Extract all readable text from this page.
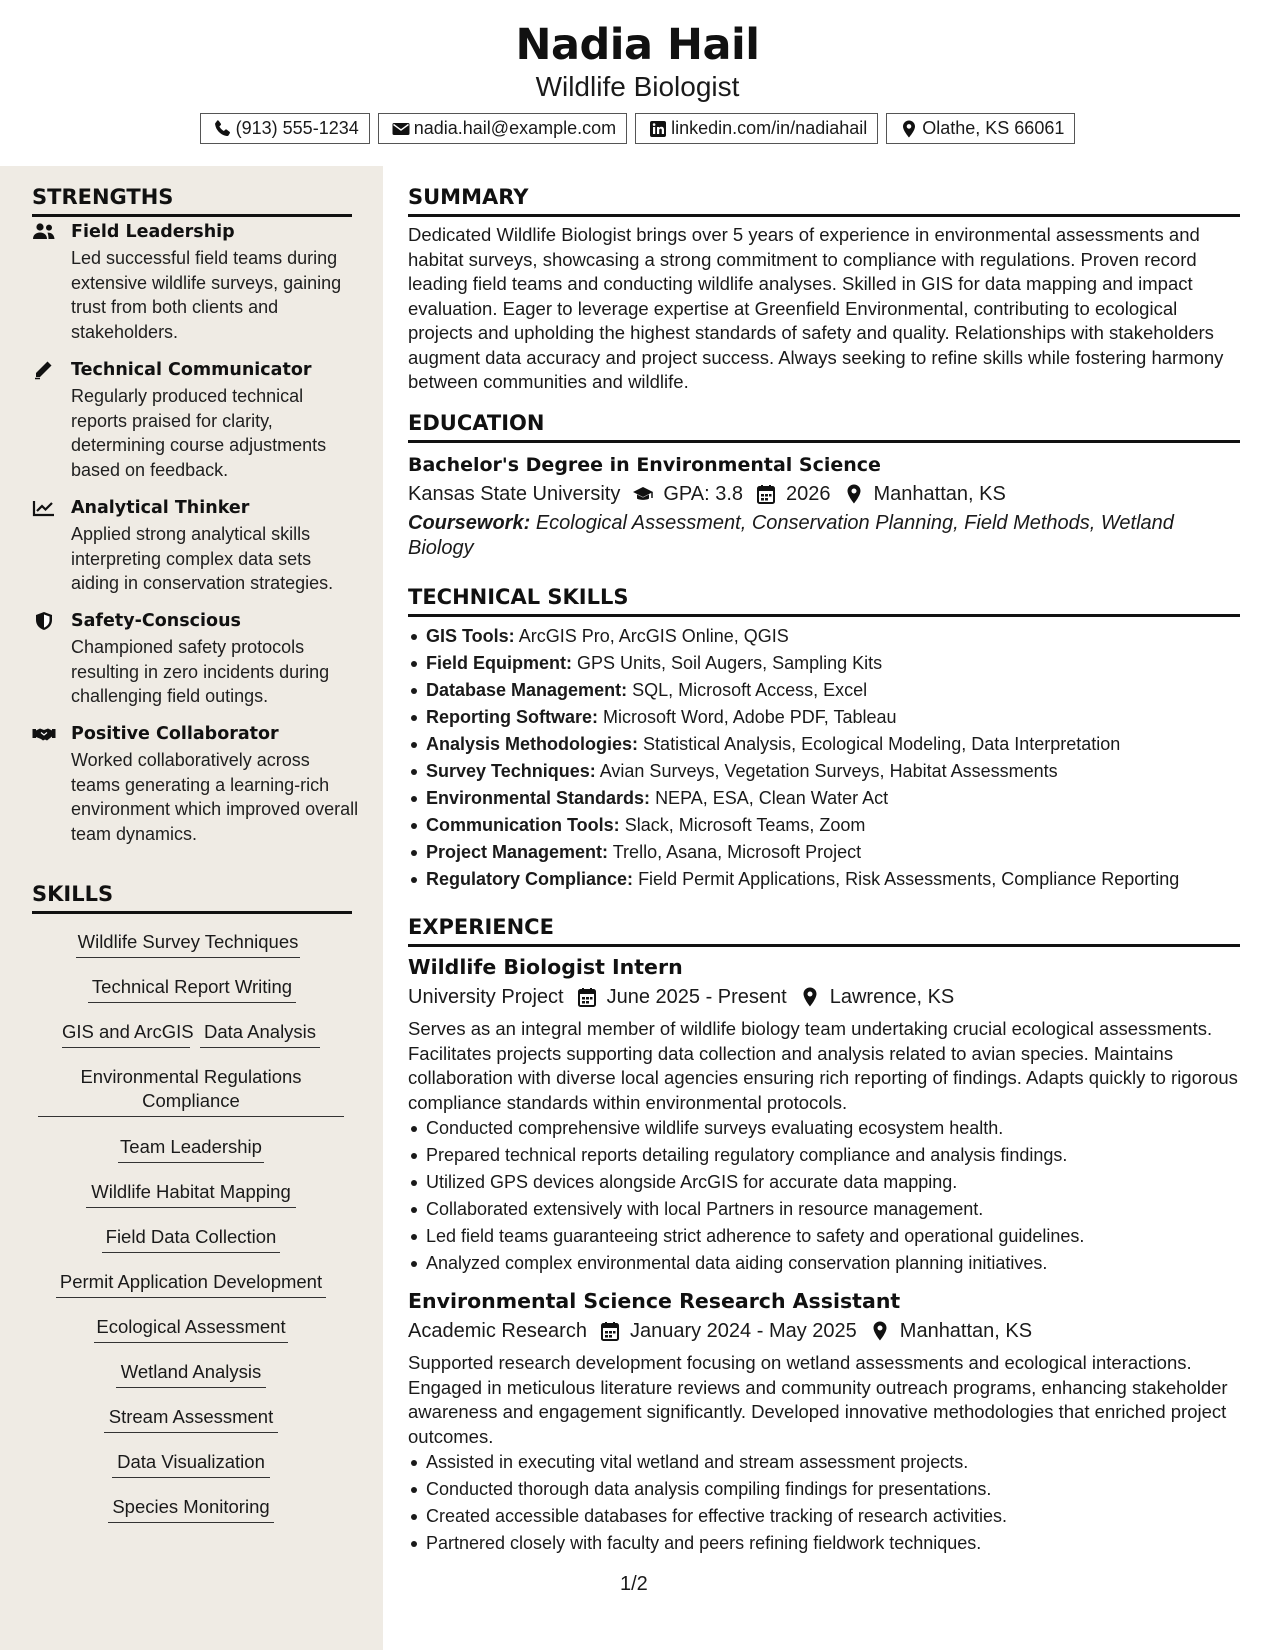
Nadia Hail
Wildlife Biologist
(913) 555-1234	nadia.hail@example.com	linkedin.com/in/nadiahail	Olathe, KS 66061
STRENGTHS
Field Leadership
Led successful field teams during extensive wildlife surveys, gaining trust from both clients and stakeholders.
Technical Communicator
Regularly produced technical reports praised for clarity, determining course adjustments based on feedback.
Analytical Thinker
Applied strong analytical skills interpreting complex data sets aiding in conservation strategies.
Safety-Conscious
Championed safety protocols resulting in zero incidents during challenging field outings.
Positive Collaborator
Worked collaboratively across teams generating a learning-rich environment which improved overall team dynamics.
SKILLS
Wildlife Survey Techniques
Technical Report Writing
GIS and ArcGIS Data Analysis
Environmental Regulations Compliance
Team Leadership
Wildlife Habitat Mapping
Field Data Collection
Permit Application Development
Ecological Assessment
Wetland Analysis
Stream Assessment
Data Visualization
Species Monitoring
SUMMARY
Dedicated Wildlife Biologist brings over 5 years of experience in environmental assessments and habitat surveys, showcasing a strong commitment to compliance with regulations. Proven record leading field teams and conducting wildlife analyses. Skilled in GIS for data mapping and impact evaluation. Eager to leverage expertise at Greenfield Environmental, contributing to ecological projects and upholding the highest standards of safety and quality. Relationships with stakeholders augment data accuracy and project success. Always seeking to refine skills while fostering harmony between communities and wildlife.
EDUCATION
Bachelor's Degree in Environmental Science
Kansas State University GPA: 3.8 2026 Manhattan, KS
Coursework: Ecological Assessment, Conservation Planning, Field Methods, Wetland Biology
TECHNICAL SKILLS
GIS Tools: ArcGIS Pro, ArcGIS Online, QGIS
Field Equipment: GPS Units, Soil Augers, Sampling Kits
Database Management: SQL, Microsoft Access, Excel
Reporting Software: Microsoft Word, Adobe PDF, Tableau
Analysis Methodologies: Statistical Analysis, Ecological Modeling, Data Interpretation
Survey Techniques: Avian Surveys, Vegetation Surveys, Habitat Assessments
Environmental Standards: NEPA, ESA, Clean Water Act
Communication Tools: Slack, Microsoft Teams, Zoom
Project Management: Trello, Asana, Microsoft Project
Regulatory Compliance: Field Permit Applications, Risk Assessments, Compliance Reporting
EXPERIENCE
Wildlife Biologist Intern
University Project June 2025 - Present Lawrence, KS
Serves as an integral member of wildlife biology team undertaking crucial ecological assessments. Facilitates projects supporting data collection and analysis related to avian species. Maintains collaboration with diverse local agencies ensuring rich reporting of findings. Adapts quickly to rigorous compliance standards within environmental protocols.
Conducted comprehensive wildlife surveys evaluating ecosystem health.
Prepared technical reports detailing regulatory compliance and analysis findings.
Utilized GPS devices alongside ArcGIS for accurate data mapping.
Collaborated extensively with local Partners in resource management.
Led field teams guaranteeing strict adherence to safety and operational guidelines.
Analyzed complex environmental data aiding conservation planning initiatives.
Environmental Science Research Assistant
Academic Research January 2024 - May 2025 Manhattan, KS
Supported research development focusing on wetland assessments and ecological interactions. Engaged in meticulous literature reviews and community outreach programs, enhancing stakeholder awareness and engagement significantly. Developed innovative methodologies that enriched project outcomes.
Assisted in executing vital wetland and stream assessment projects.
Conducted thorough data analysis compiling findings for presentations.
Created accessible databases for effective tracking of research activities.
Partnered closely with faculty and peers refining fieldwork techniques.
1/2
